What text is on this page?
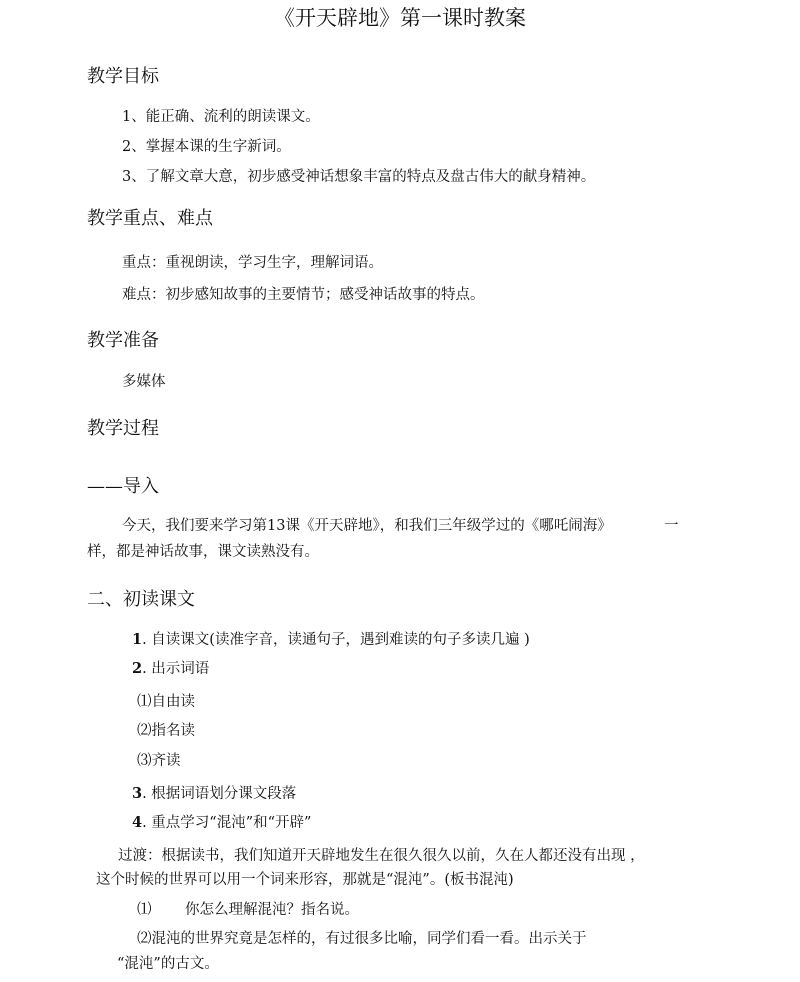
《开天辟地》第一课时教案
教学目标
1、能正确、流利的朗读课文。
2、掌握本课的生字新词。
3、了解文章大意，初步感受神话想象丰富的特点及盘古伟大的献身精神。
教学重点、难点
重点：重视朗读，学习生字，理解词语。
难点：初步感知故事的主要情节；感受神话故事的特点。
教学准备
多媒体
教学过程
——导入
今天，我们要来学习第13课《开天辟地》，和我们三年级学过的《哪吒闹海》	一
样，都是神话故事，课文读熟没有。
二、初读课文
1. 自读课文(读准字音，读通句子，遇到难读的句子多读几遍 )
2. 出示词语
⑴自由读
⑵指名读
⑶齐读
3. 根据词语划分课文段落
4. 重点学习“混沌”和“开辟”
过渡：根据读书，我们知道开天辟地发生在很久很久以前，久在人都还没有出现 ，
这个时候的世界可以用一个词来形容，那就是“混沌”。(板书混沌)
⑴ 你怎么理解混沌？指名说。
⑵混沌的世界究竟是怎样的，有过很多比喻，同学们看一看。出示关于
“混沌”的古文。
